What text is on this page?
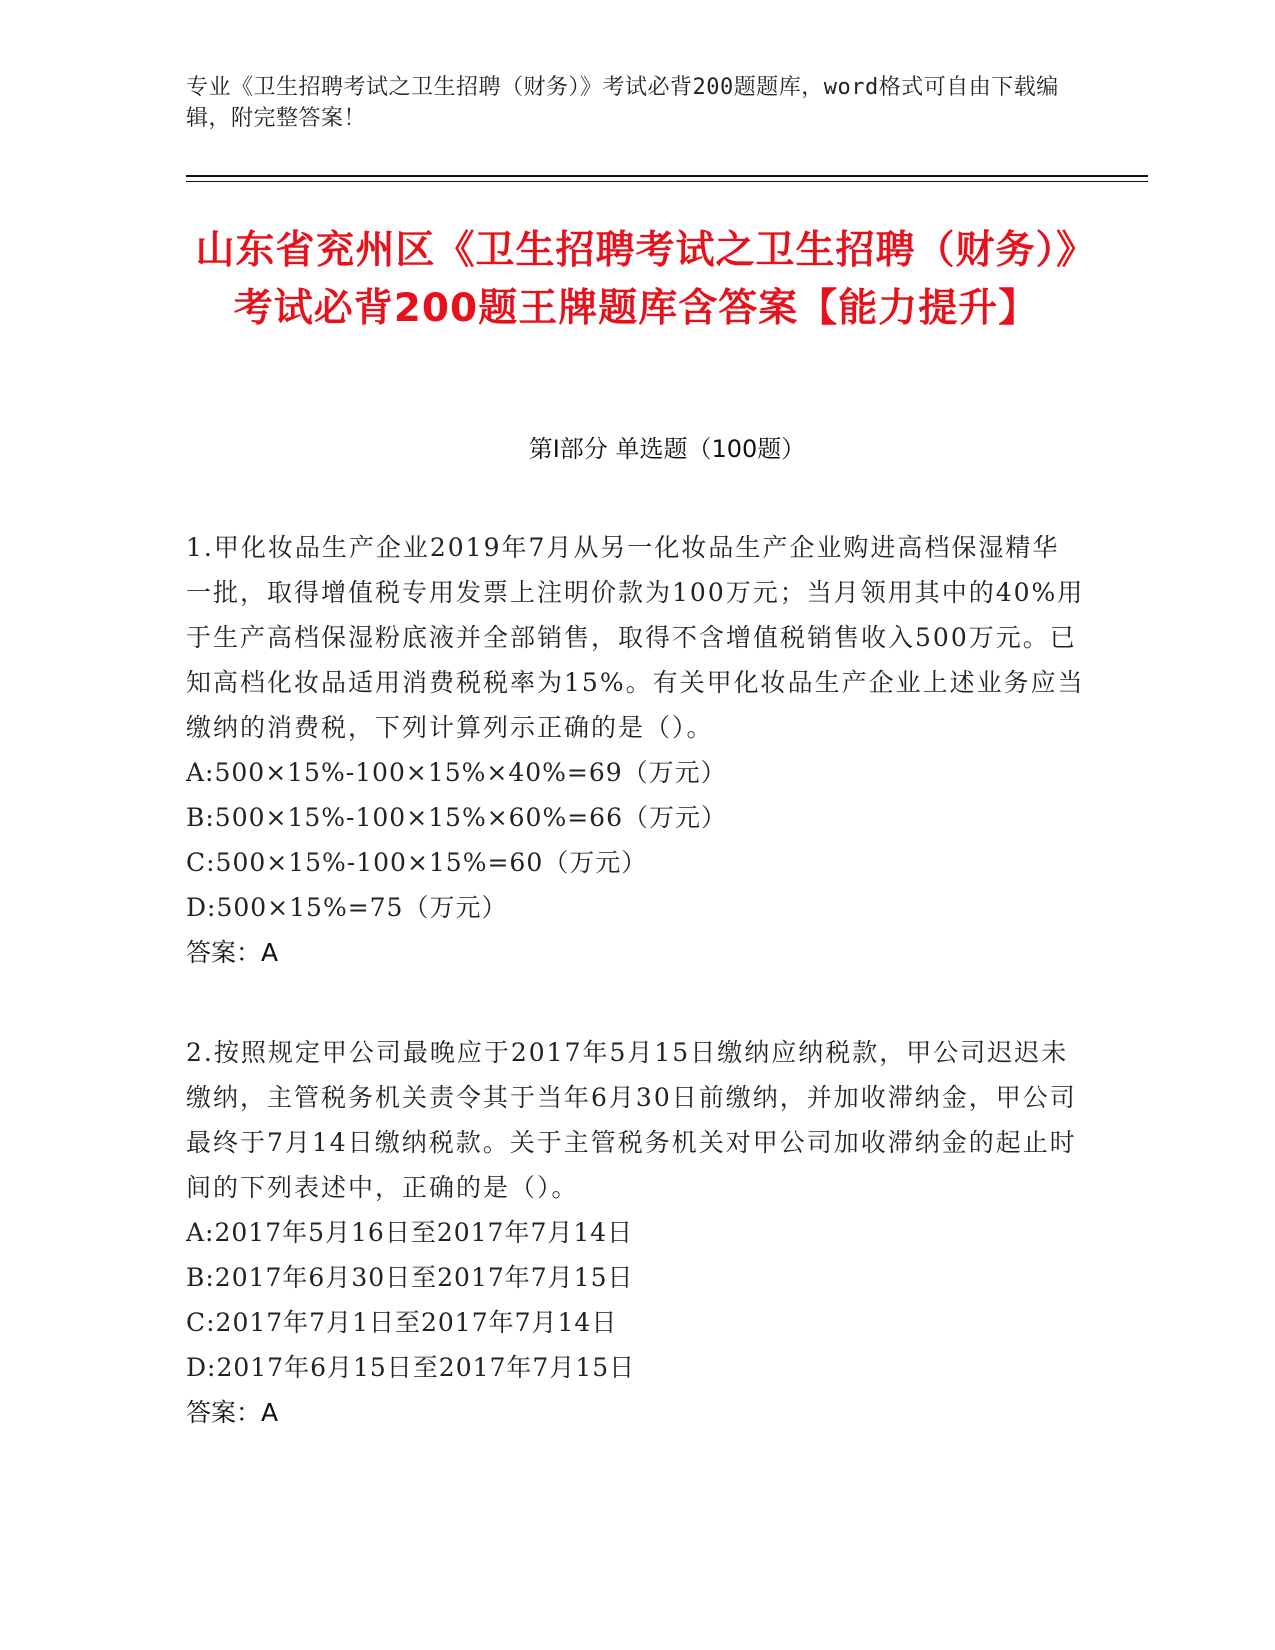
专业《卫生招聘考试之卫生招聘（财务）》考试必背200题题库，word格式可自由下载编辑，附完整答案！
山东省兖州区《卫生招聘考试之卫生招聘（财务）》考试必背200题王牌题库含答案【能力提升】
第Ⅰ部分 单选题（100题）

1.甲化妆品生产企业2019年7月从另一化妆品生产企业购进高档保湿精华一批，取得增值税专用发票上注明价款为100万元；当月领用其中的40%用于生产高档保湿粉底液并全部销售，取得不含增值税销售收入500万元。已知高档化妆品适用消费税税率为15%。有关甲化妆品生产企业上述业务应当缴纳的消费税，下列计算列示正确的是（）。

A:500×15%-100×15%×40%=69（万元）

B:500×15%-100×15%×60%=66（万元）

C:500×15%-100×15%=60（万元）

D:500×15%=75（万元）

答案：A

2.按照规定甲公司最晚应于2017年5月15日缴纳应纳税款，甲公司迟迟未缴纳，主管税务机关责令其于当年6月30日前缴纳，并加收滞纳金，甲公司最终于7月14日缴纳税款。关于主管税务机关对甲公司加收滞纳金的起止时间的下列表述中，正确的是（）。

A:2017年5月16日至2017年7月14日

B:2017年6月30日至2017年7月15日

C:2017年7月1日至2017年7月14日

D:2017年6月15日至2017年7月15日

答案：A
